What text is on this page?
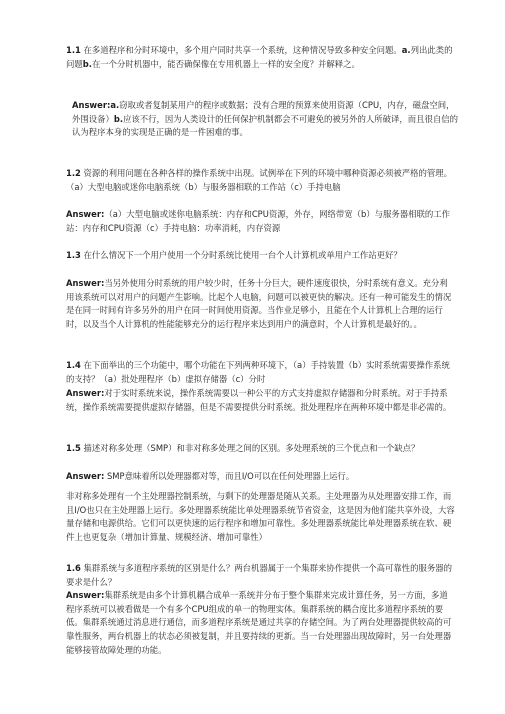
1.1 在多道程序和分时环境中，多个用户同时共享一个系统，这种情况导致多种安全问题。a.列出此类的问题b.在一个分时机器中，能否确保像在专用机器上一样的安全度？并解释之。

Answer:a.窃取或者复制某用户的程序或数据；没有合理的预算来使用资源（CPU，内存，磁盘空间，外围设备）b.应该不行，因为人类设计的任何保护机制都会不可避免的被另外的人所破译，而且很自信的认为程序本身的实现是正确的是一件困难的事。

1.2 资源的利用问题在各种各样的操作系统中出现。试例举在下列的环境中哪种资源必须被严格的管理。（a）大型电脑或迷你电脑系统（b）与服务器相联的工作站（c）手持电脑

Answer:（a）大型电脑或迷你电脑系统：内存和CPU资源，外存，网络带宽（b）与服务器相联的工作站：内存和CPU资源（c）手持电脑：功率消耗，内存资源

1.3 在什么情况下一个用户使用一个分时系统比使用一台个人计算机或单用户工作站更好？

Answer:当另外使用分时系统的用户较少时，任务十分巨大，硬件速度很快，分时系统有意义。充分利用该系统可以对用户的问题产生影响。比起个人电脑，问题可以被更快的解决。还有一种可能发生的情况是在同一时间有许多另外的用户在同一时间使用资源。当作业足够小，且能在个人计算机上合理的运行时，以及当个人计算机的性能能够充分的运行程序来达到用户的满意时，个人计算机是最好的。。

1.4 在下面举出的三个功能中，哪个功能在下列两种环境下，（a）手持装置（b）实时系统需要操作系统的支持？（a）批处理程序（b）虚拟存储器（c）分时

Answer:对于实时系统来说，操作系统需要以一种公平的方式支持虚拟存储器和分时系统。对于手持系统，操作系统需要提供虚拟存储器，但是不需要提供分时系统。批处理程序在两种环境中都是非必需的。

1.5 描述对称多处理（SMP）和非对称多处理之间的区别。多处理系统的三个优点和一个缺点？

Answer: SMP意味着所以处理器都对等，而且I/O可以在任何处理器上运行。

非对称多处理有一个主处理器控制系统，与剩下的处理器是随从关系。主处理器为从处理器安排工作，而且I/O也只在主处理器上运行。多处理器系统能比单处理器系统节省资金，这是因为他们能共享外设，大容量存储和电源供给。它们可以更快速的运行程序和增加可靠性。多处理器系统能比单处理器系统在软、硬件上也更复杂（增加计算量、规模经济、增加可靠性）

1.6 集群系统与多道程序系统的区别是什么？两台机器属于一个集群来协作提供一个高可靠性的服务器的要求是什么？

Answer:集群系统是由多个计算机耦合成单一系统并分布于整个集群来完成计算任务，另一方面，多道程序系统可以被看做是一个有多个CPU组成的单一的物理实体。集群系统的耦合度比多道程序系统的要低。集群系统通过消息进行通信，而多道程序系统是通过共享的存储空间。为了两台处理器提供较高的可靠性服务，两台机器上的状态必须被复制，并且要持续的更新。当一台处理器出现故障时，另一台处理器能够接管故障处理的功能。
